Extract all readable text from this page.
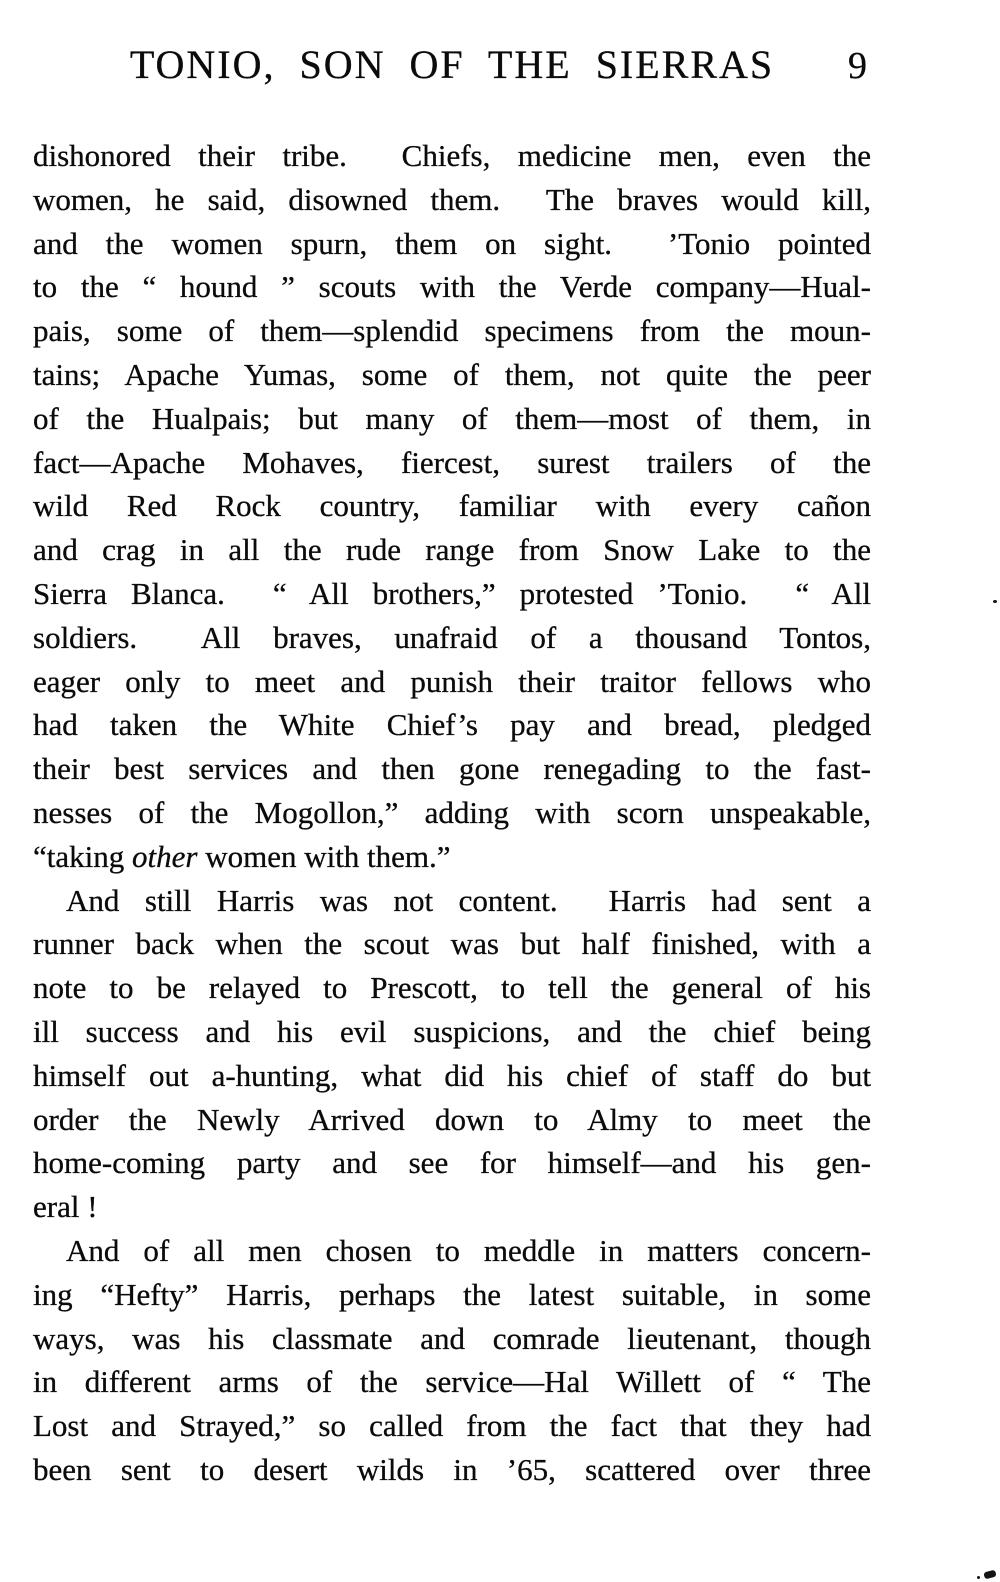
TONIO, SON OF THE SIERRAS	9
dishonored their tribe.  Chiefs, medicine men, even the
women, he said, disowned them.  The braves would kill,
and the women spurn, them on sight.  ’Tonio pointed
to the “ hound ” scouts with the Verde company—Hual-
pais, some of them—splendid specimens from the moun-
tains; Apache Yumas, some of them, not quite the peer
of the Hualpais; but many of them—most of them, in
fact—Apache Mohaves, fiercest, surest trailers of the
wild Red Rock country, familiar with every cañon
and crag in all the rude range from Snow Lake to the
Sierra Blanca.  “ All brothers,” protested ’Tonio.  “ All
soldiers.  All braves, unafraid of a thousand Tontos,
eager only to meet and punish their traitor fellows who
had taken the White Chief’s pay and bread, pledged
their best services and then gone renegading to the fast-
nesses of the Mogollon,” adding with scorn unspeakable,
“taking other women with them.”
And still Harris was not content.  Harris had sent a
runner back when the scout was but half finished, with a
note to be relayed to Prescott, to tell the general of his
ill success and his evil suspicions, and the chief being
himself out a-hunting, what did his chief of staff do but
order the Newly Arrived down to Almy to meet the
home-coming party and see for himself—and his gen-
eral !
And of all men chosen to meddle in matters concern-
ing “Hefty” Harris, perhaps the latest suitable, in some
ways, was his classmate and comrade lieutenant, though
in different arms of the service—Hal Willett of “ The
Lost and Strayed,” so called from the fact that they had
been sent to desert wilds in ’65, scattered over three
